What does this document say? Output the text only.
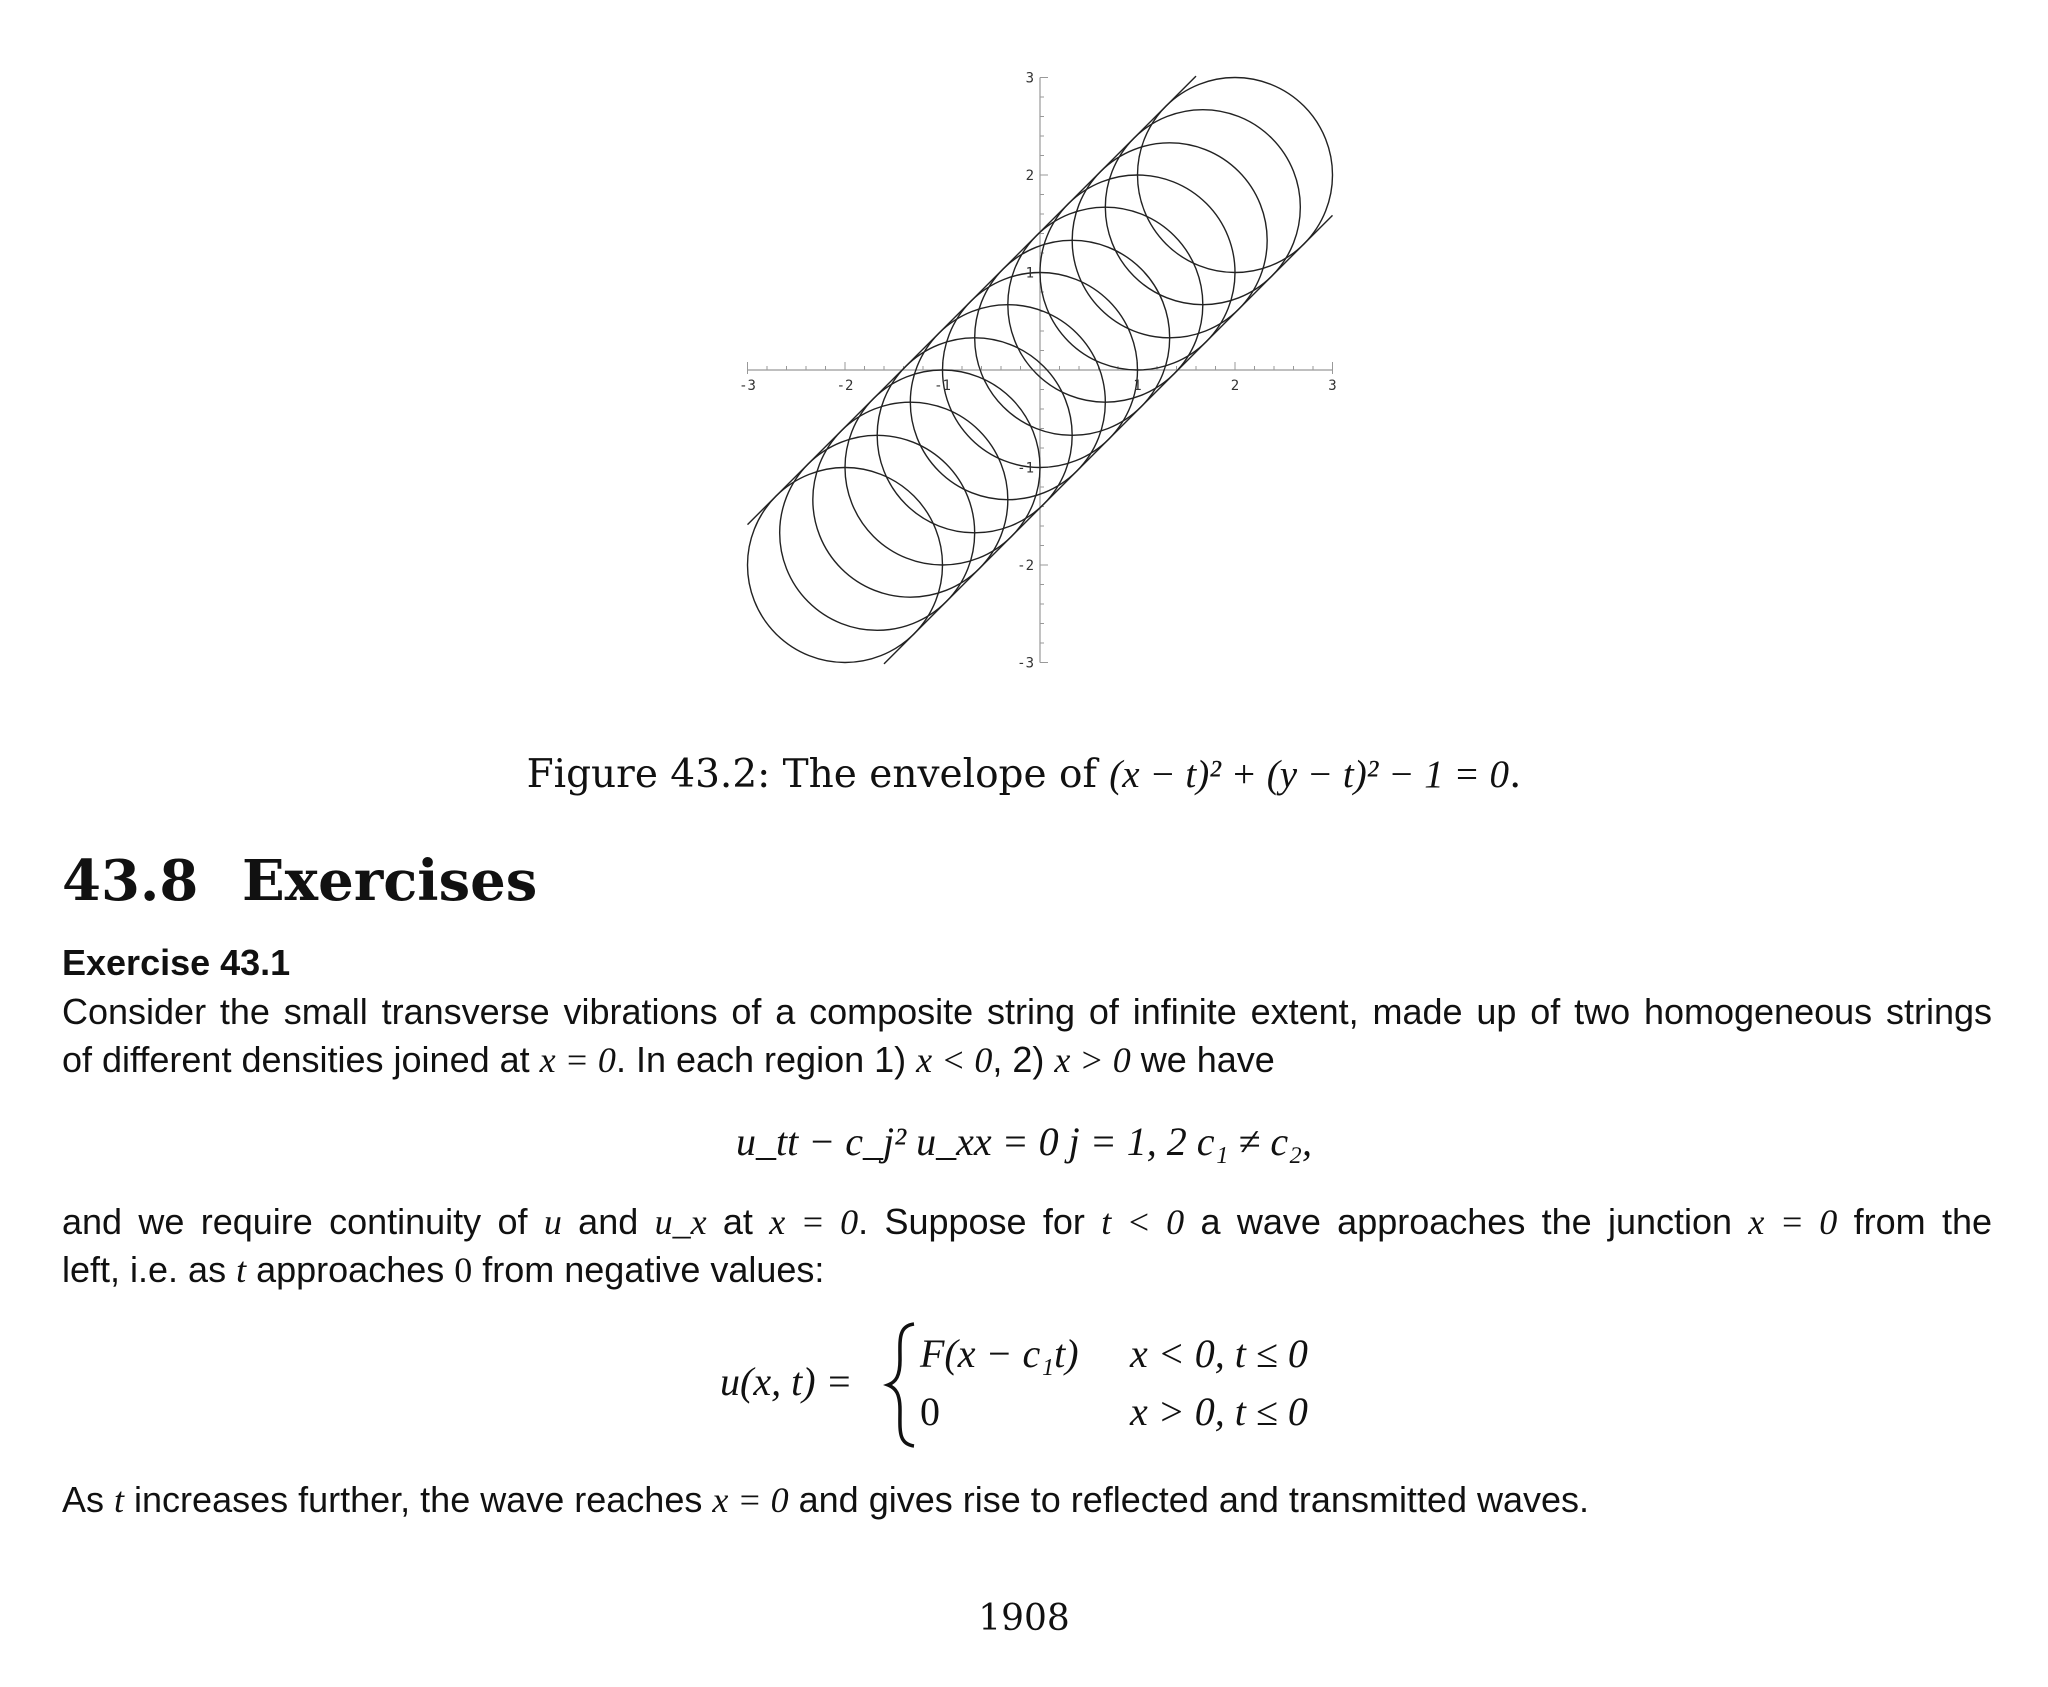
-3	-2	-1	1	2	3
3
2
1
-1
-2
-3
Figure 43.2: The envelope of (x − t)² + (y − t)² − 1 = 0.
43.8 Exercises
Exercise 43.1
Consider the small transverse vibrations of a composite string of infinite extent, made up of two homogeneous strings
of different densities joined at x = 0. In each region 1) x < 0, 2) x > 0 we have
u_tt − c_j² u_xx = 0 j = 1, 2 c₁ ≠ c₂,
and we require continuity of u and u_x at x = 0. Suppose for t < 0 a wave approaches the junction x = 0 from the
left, i.e. as t approaches 0 from negative values:
u(x, t) =
F(x − c₁t) x < 0, t ≤ 0
0	x > 0, t ≤ 0
As t increases further, the wave reaches x = 0 and gives rise to reflected and transmitted waves.
1908
